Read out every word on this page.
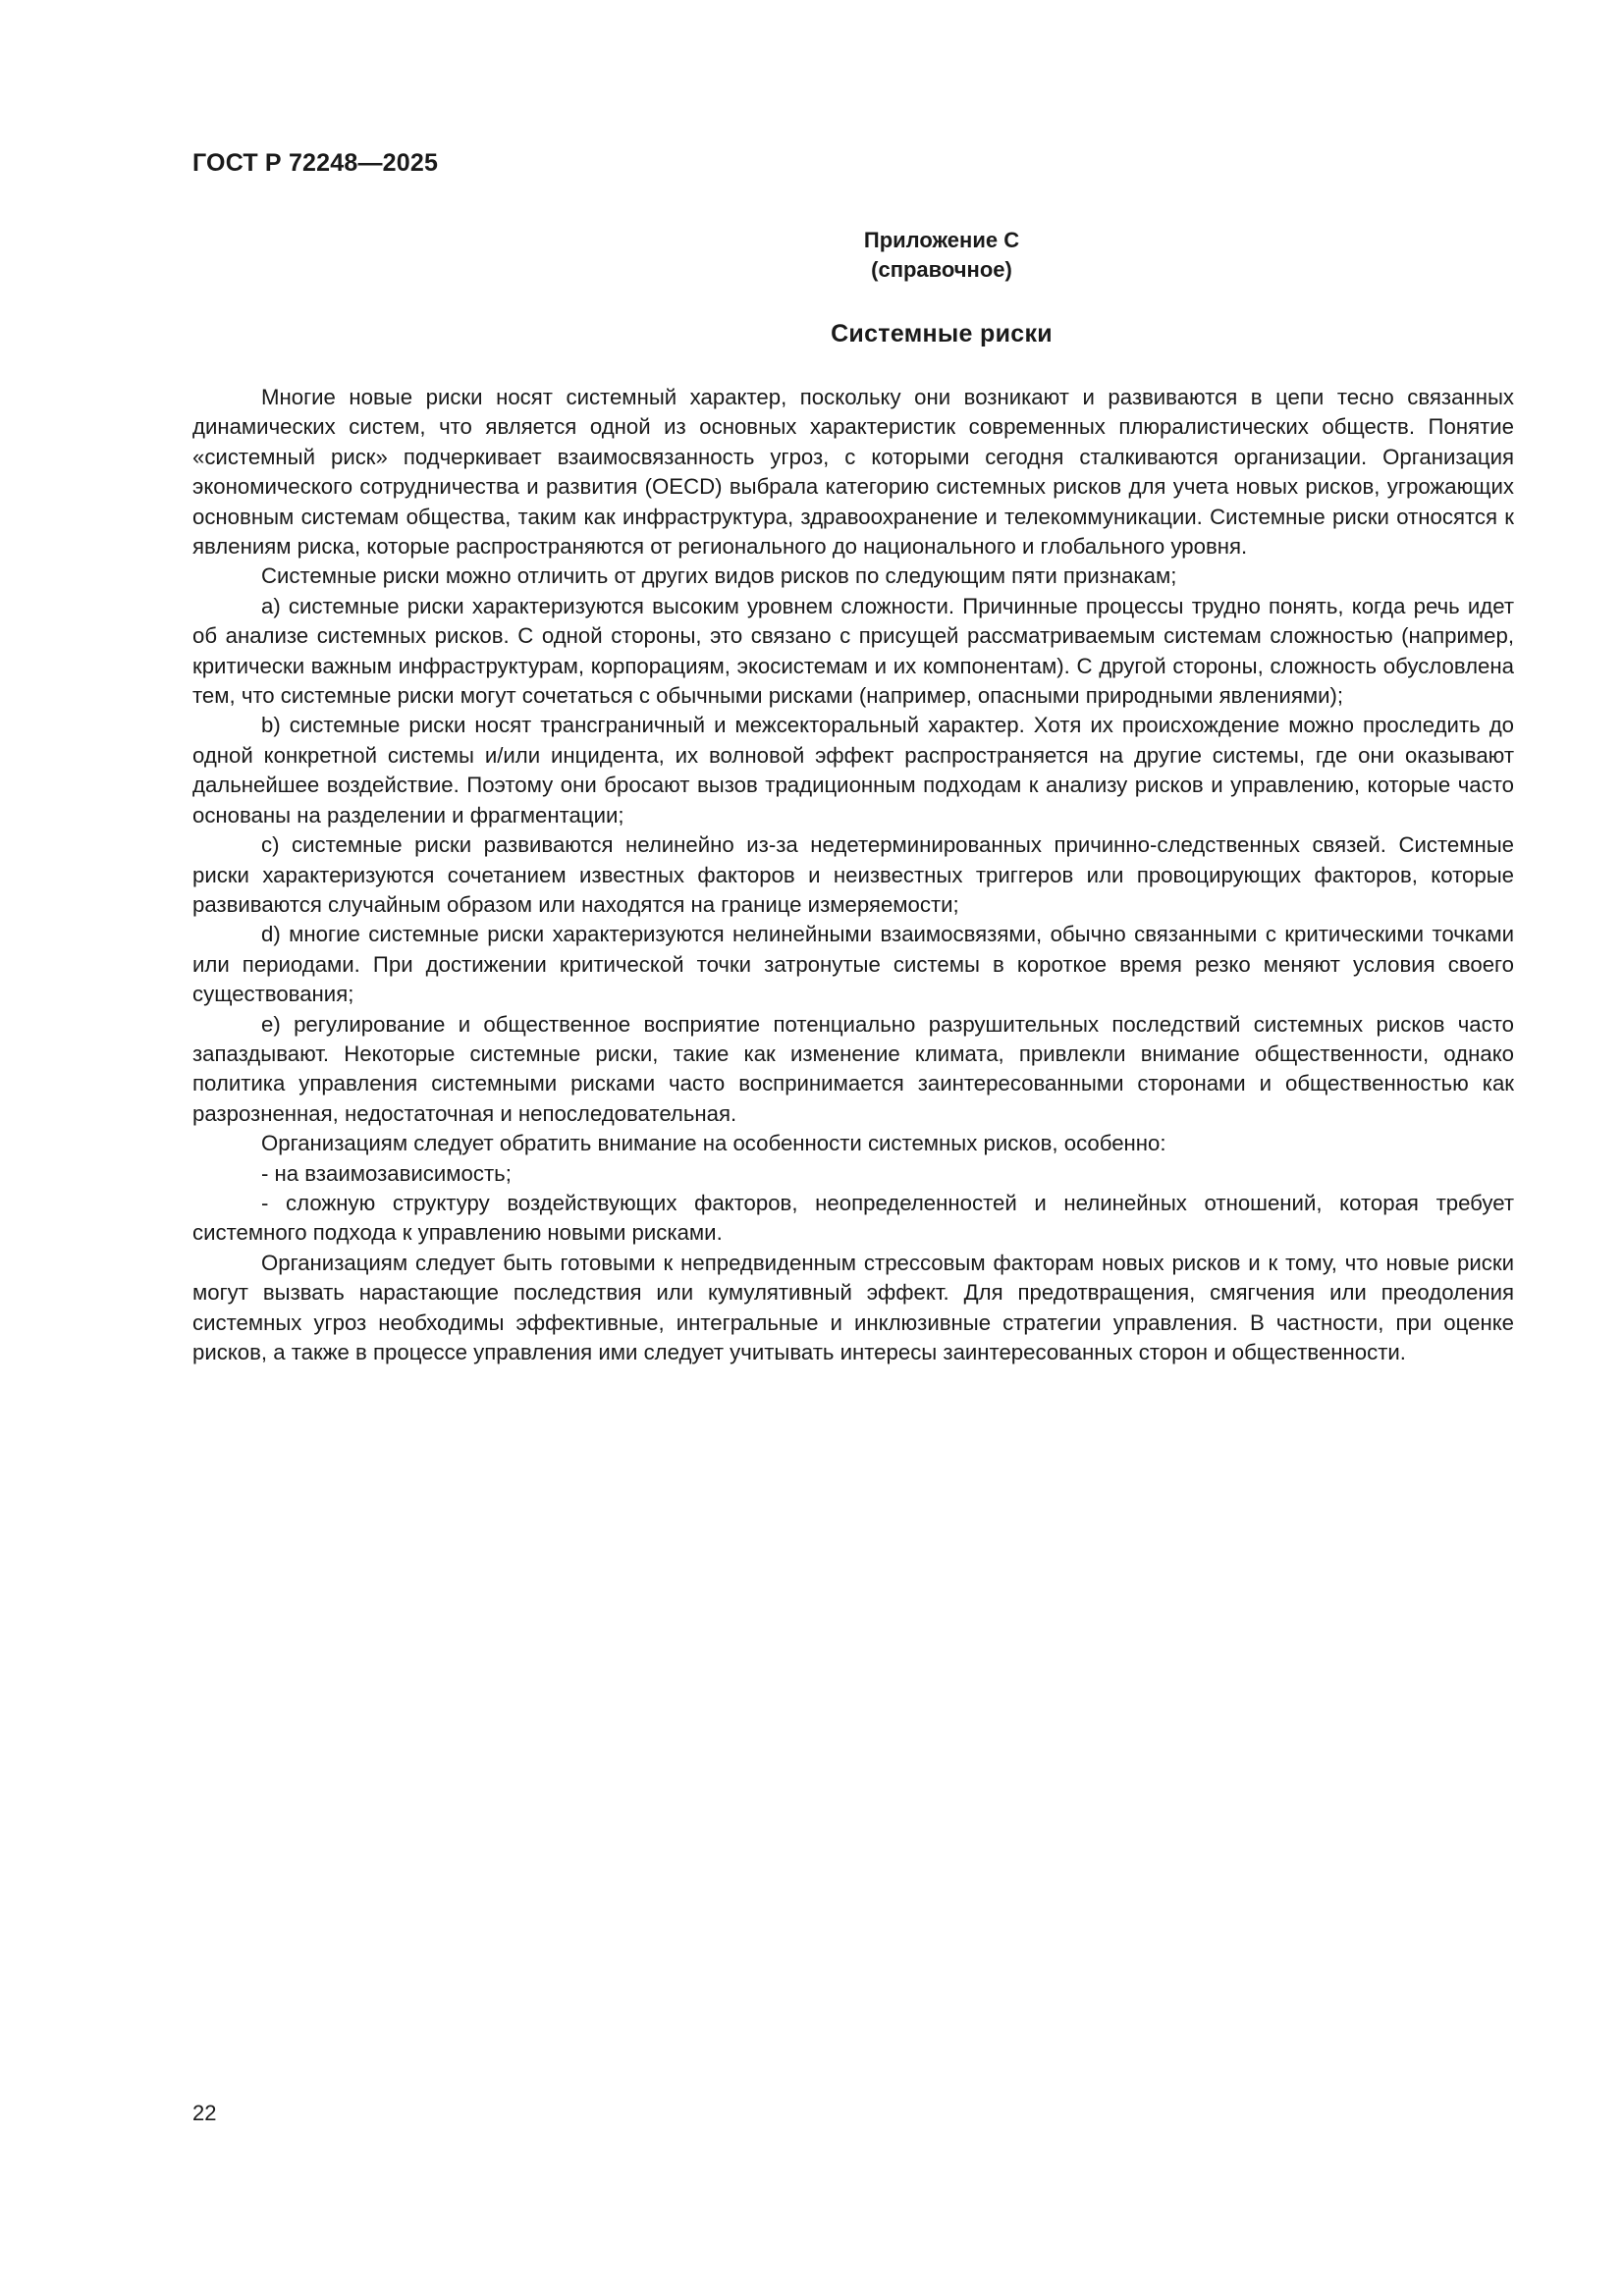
ГОСТ Р 72248—2025
Приложение С
(справочное)
Системные риски

Многие новые риски носят системный характер, поскольку они возникают и развиваются в цепи тесно связанных динамических систем, что является одной из основных характеристик современных плюралистических обществ. Понятие «системный риск» подчеркивает взаимосвязанность угроз, с которыми сегодня сталкиваются организации. Организация экономического сотрудничества и развития (OECD) выбрала категорию системных рисков для учета новых рисков, угрожающих основным системам общества, таким как инфраструктура, здравоохранение и телекоммуникации. Системные риски относятся к явлениям риска, которые распространяются от регионального до национального и глобального уровня.

Системные риски можно отличить от других видов рисков по следующим пяти признакам;

а) системные риски характеризуются высоким уровнем сложности. Причинные процессы трудно понять, когда речь идет об анализе системных рисков. С одной стороны, это связано с присущей рассматриваемым системам сложностью (например, критически важным инфраструктурам, корпорациям, экосистемам и их компонентам). С другой стороны, сложность обусловлена тем, что системные риски могут сочетаться с обычными рисками (например, опасными природными явлениями);

b) системные риски носят трансграничный и межсекторальный характер. Хотя их происхождение можно проследить до одной конкретной системы и/или инцидента, их волновой эффект распространяется на другие системы, где они оказывают дальнейшее воздействие. Поэтому они бросают вызов традиционным подходам к анализу рисков и управлению, которые часто основаны на разделении и фрагментации;

с) системные риски развиваются нелинейно из-за недетерминированных причинно-следственных связей. Системные риски характеризуются сочетанием известных факторов и неизвестных триггеров или провоцирующих факторов, которые развиваются случайным образом или находятся на границе измеряемости;

d) многие системные риски характеризуются нелинейными взаимосвязями, обычно связанными с критическими точками или периодами. При достижении критической точки затронутые системы в короткое время резко меняют условия своего существования;

е) регулирование и общественное восприятие потенциально разрушительных последствий системных рисков часто запаздывают. Некоторые системные риски, такие как изменение климата, привлекли внимание общественности, однако политика управления системными рисками часто воспринимается заинтересованными сторонами и общественностью как разрозненная, недостаточная и непоследовательная.

Организациям следует обратить внимание на особенности системных рисков, особенно:

- на взаимозависимость;

- сложную структуру воздействующих факторов, неопределенностей и нелинейных отношений, которая требует системного подхода к управлению новыми рисками.

Организациям следует быть готовыми к непредвиденным стрессовым факторам новых рисков и к тому, что новые риски могут вызвать нарастающие последствия или кумулятивный эффект. Для предотвращения, смягчения или преодоления системных угроз необходимы эффективные, интегральные и инклюзивные стратегии управления. В частности, при оценке рисков, а также в процессе управления ими следует учитывать интересы заинтересованных сторон и общественности.

22
